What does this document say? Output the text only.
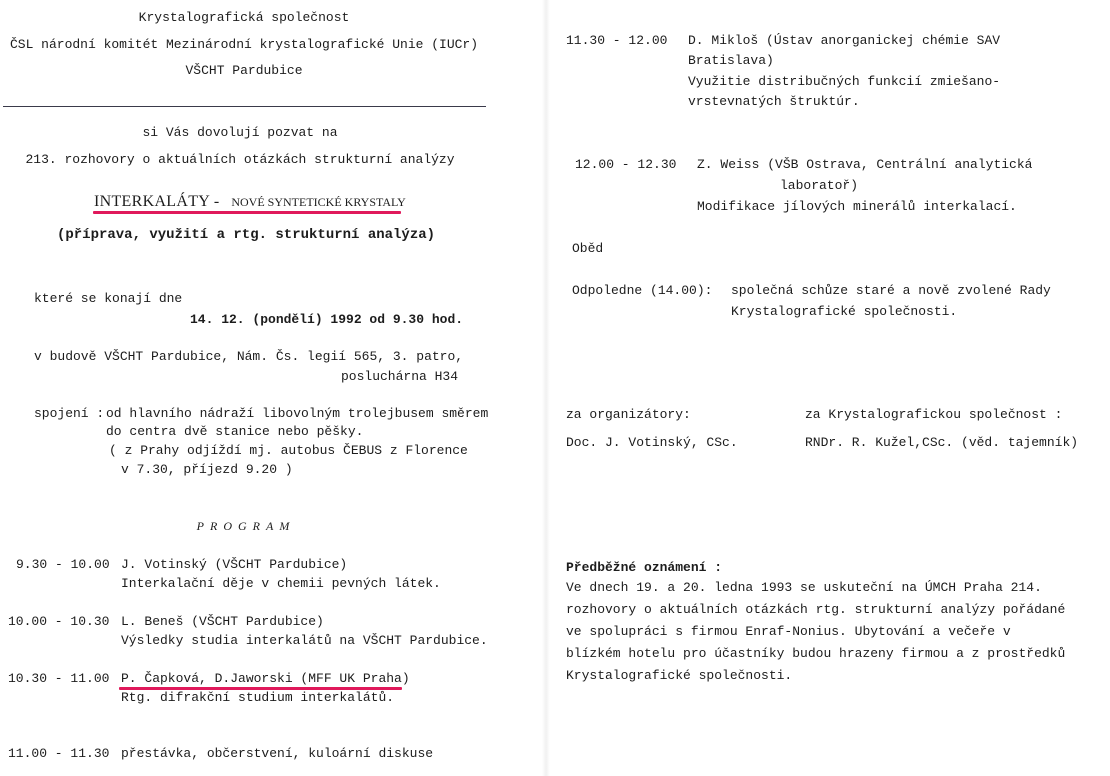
Krystalografická společnost
ČSL národní komitét Mezinárodní krystalografické Unie (IUCr)
VŠCHT Pardubice
si Vás dovolují pozvat na
213. rozhovory o aktuálních otázkách strukturní analýzy
INTERKALÁTY - NOVÉ SYNTETICKÉ KRYSTALY
(příprava, využití a rtg. strukturní analýza)
které se konají dne
14. 12. (pondělí) 1992 od 9.30 hod.
v budově VŠCHT Pardubice, Nám. Čs. legií 565, 3. patro,
posluchárna H34
spojení : od hlavního nádraží libovolným trolejbusem směrem
do centra dvě stanice nebo pěšky.
( z Prahy odjíždí mj. autobus ČEBUS z Florence
v 7.30, příjezd 9.20 )
PROGRAM
9.30 - 10.00 J. Votinský (VŠCHT Pardubice)
Interkalační děje v chemii pevných látek.
10.00 - 10.30 L. Beneš (VŠCHT Pardubice)
Výsledky studia interkalátů na VŠCHT Pardubice.
10.30 - 11.00 P. Čapková, D.Jaworski (MFF UK Praha)
Rtg. difrakční studium interkalátů.
11.00 - 11.30 přestávka, občerstvení, kuloární diskuse
11.30 - 12.00 D. Mikloš (Ústav anorganickej chémie SAV
Bratislava)
Využitie distribučných funkcií zmiešano-
vrstevnatých štruktúr.
12.00 - 12.30 Z. Weiss (VŠB Ostrava, Centrální analytická
laboratoř)
Modifikace jílových minerálů interkalací.
Oběd
Odpoledne (14.00): společná schůze staré a nově zvolené Rady
Krystalografické společnosti.
za organizátory:	za Krystalografickou společnost :
Doc. J. Votinský, CSc.	RNDr. R. Kužel,CSc. (věd. tajemník)
Předběžné oznámení :
Ve dnech 19. a 20. ledna 1993 se uskuteční na ÚMCH Praha 214.
rozhovory o aktuálních otázkách rtg. strukturní analýzy pořádané
ve spolupráci s firmou Enraf-Nonius. Ubytování a večeře v
blízkém hotelu pro účastníky budou hrazeny firmou a z prostředků
Krystalografické společnosti.
